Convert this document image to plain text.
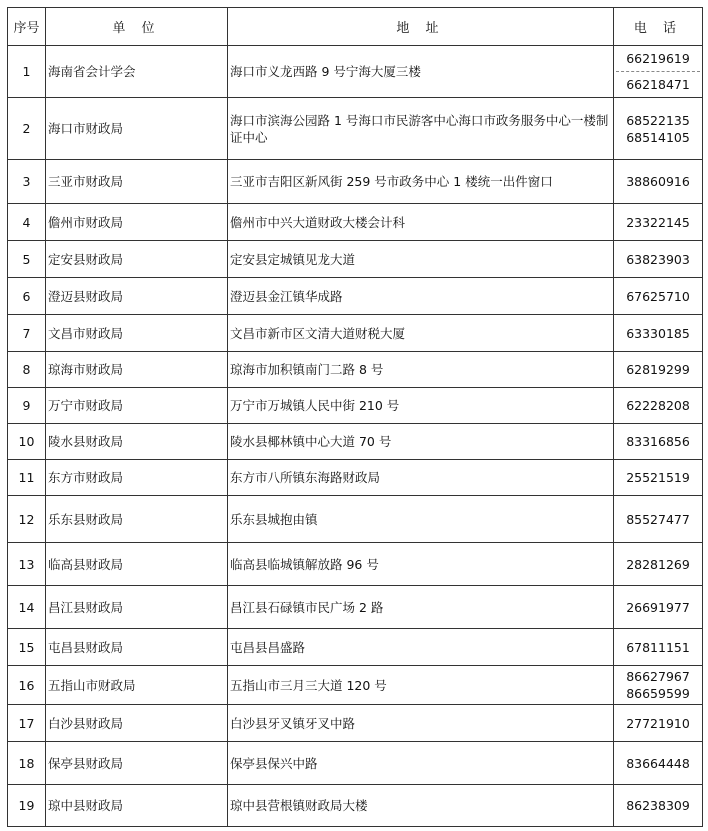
序号	单 位	地 址	电 话
1	海南省会计学会	海口市义龙西路 9 号宁海大厦三楼	66219619
66218471

2	海口市财政局	海口市滨海公园路 1 号海口市民游客中心海口市政务服务中心一楼制证中心	68522135
68514105

3	三亚市财政局	三亚市吉阳区新风街 259 号市政务中心 1 楼统一出件窗口	38860916
4	儋州市财政局	儋州市中兴大道财政大楼会计科	23322145
5	定安县财政局	定安县定城镇见龙大道	63823903
6	澄迈县财政局	澄迈县金江镇华成路	67625710
7	文昌市财政局	文昌市新市区文清大道财税大厦	63330185
8	琼海市财政局	琼海市加积镇南门二路 8 号	62819299
9	万宁市财政局	万宁市万城镇人民中街 210 号	62228208
10	陵水县财政局	陵水县椰林镇中心大道 70 号	83316856
11	东方市财政局	东方市八所镇东海路财政局	25521519
12	乐东县财政局	乐东县城抱由镇	85527477
13	临高县财政局	临高县临城镇解放路 96 号	28281269
14	昌江县财政局	昌江县石碌镇市民广场 2 路	26691977
15	屯昌县财政局	屯昌县昌盛路	67811151
16	五指山市财政局	五指山市三月三大道 120 号	86627967
86659599

17	白沙县财政局	白沙县牙叉镇牙叉中路	27721910
18	保亭县财政局	保亭县保兴中路	83664448
19	琼中县财政局	琼中县营根镇财政局大楼	86238309
